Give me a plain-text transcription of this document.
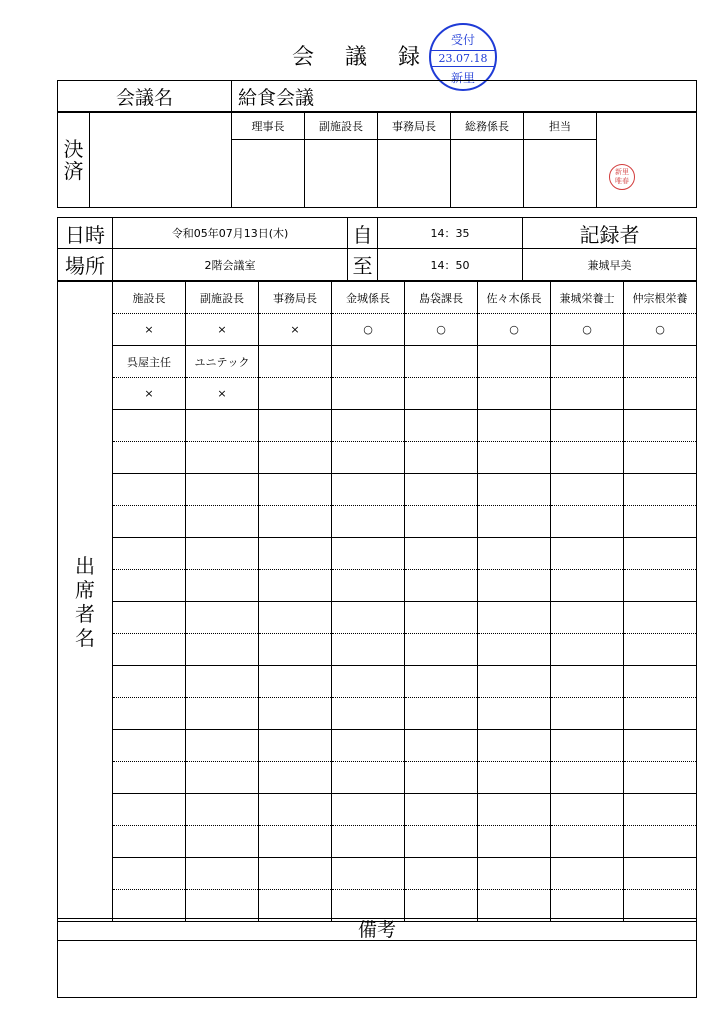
会 議 録
受付
23.07.18
新里
会議名	給食会議
決済		理事長	副施設長	事務局長	総務係長	担当	

新里
唯春
日時	令和05年07月13日(木)	自	14：35	記録者
場所	2階会議室	至	14：50	兼城早美
出席者名	施設長	副施設長	事務局長	金城係長	島袋課長	佐々木係長	兼城栄養士	仲宗根栄養
	×	×	×	○	○	○	○	○
	呉屋主任	ユニテック						
	×	×						

備考
